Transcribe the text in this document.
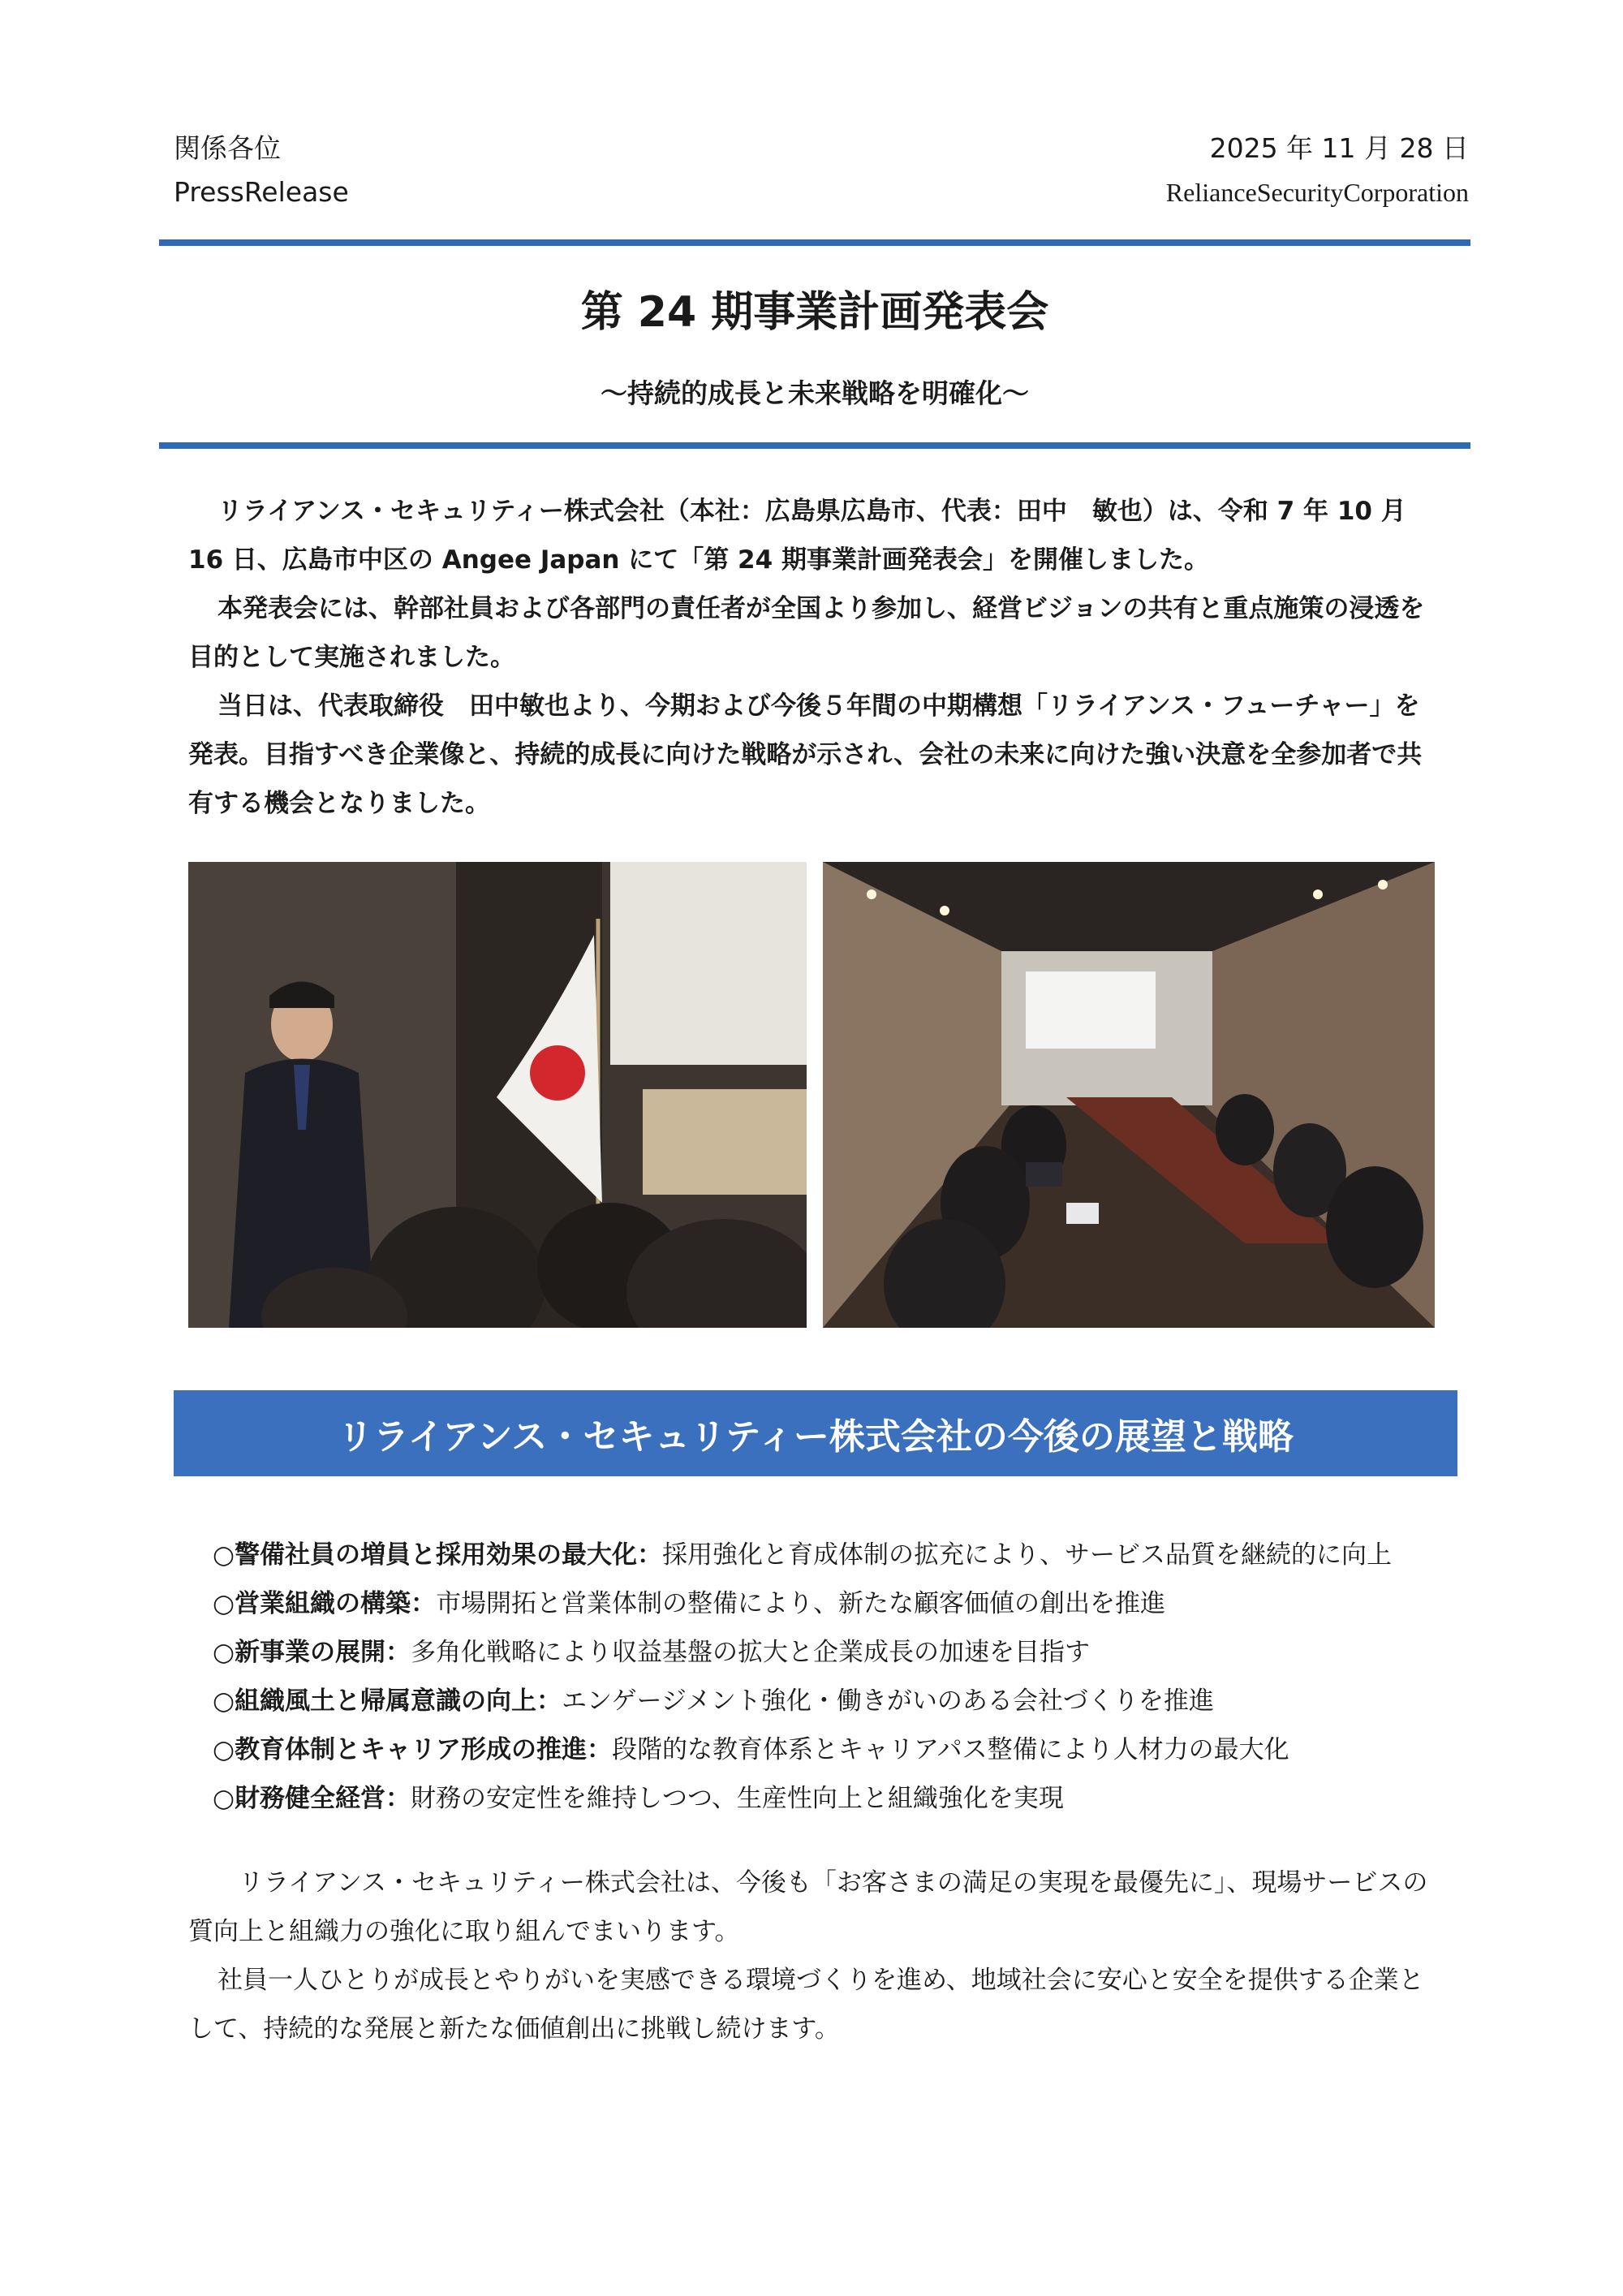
関係各位
PressRelease
2025 年 11 月 28 日
RelianceSecurityCorporation
第 24 期事業計画発表会
～持続的成長と未来戦略を明確化～

リライアンス・セキュリティー株式会社（本社：広島県広島市、代表：田中　敏也）は、令和 7 年 10 月 16 日、広島市中区の Angee Japan にて「第 24 期事業計画発表会」を開催しました。

本発表会には、幹部社員および各部門の責任者が全国より参加し、経営ビジョンの共有と重点施策の浸透を目的として実施されました。

当日は、代表取締役　田中敏也より、今期および今後５年間の中期構想「リライアンス・フューチャー」を発表。目指すべき企業像と、持続的成長に向けた戦略が示され、会社の未来に向けた強い決意を全参加者で共有する機会となりました。

リライアンス・セキュリティー株式会社の今後の展望と戦略
○警備社員の増員と採用効果の最大化：採用強化と育成体制の拡充により、サービス品質を継続的に向上
○営業組織の構築：市場開拓と営業体制の整備により、新たな顧客価値の創出を推進
○新事業の展開：多角化戦略により収益基盤の拡大と企業成長の加速を目指す
○組織風土と帰属意識の向上：エンゲージメント強化・働きがいのある会社づくりを推進
○教育体制とキャリア形成の推進：段階的な教育体系とキャリアパス整備により人材力の最大化
○財務健全経営：財務の安定性を維持しつつ、生産性向上と組織強化を実現

リライアンス・セキュリティー株式会社は、今後も「お客さまの満足の実現を最優先に」、現場サービスの質向上と組織力の強化に取り組んでまいります。

社員一人ひとりが成長とやりがいを実感できる環境づくりを進め、地域社会に安心と安全を提供する企業として、持続的な発展と新たな価値創出に挑戦し続けます。
